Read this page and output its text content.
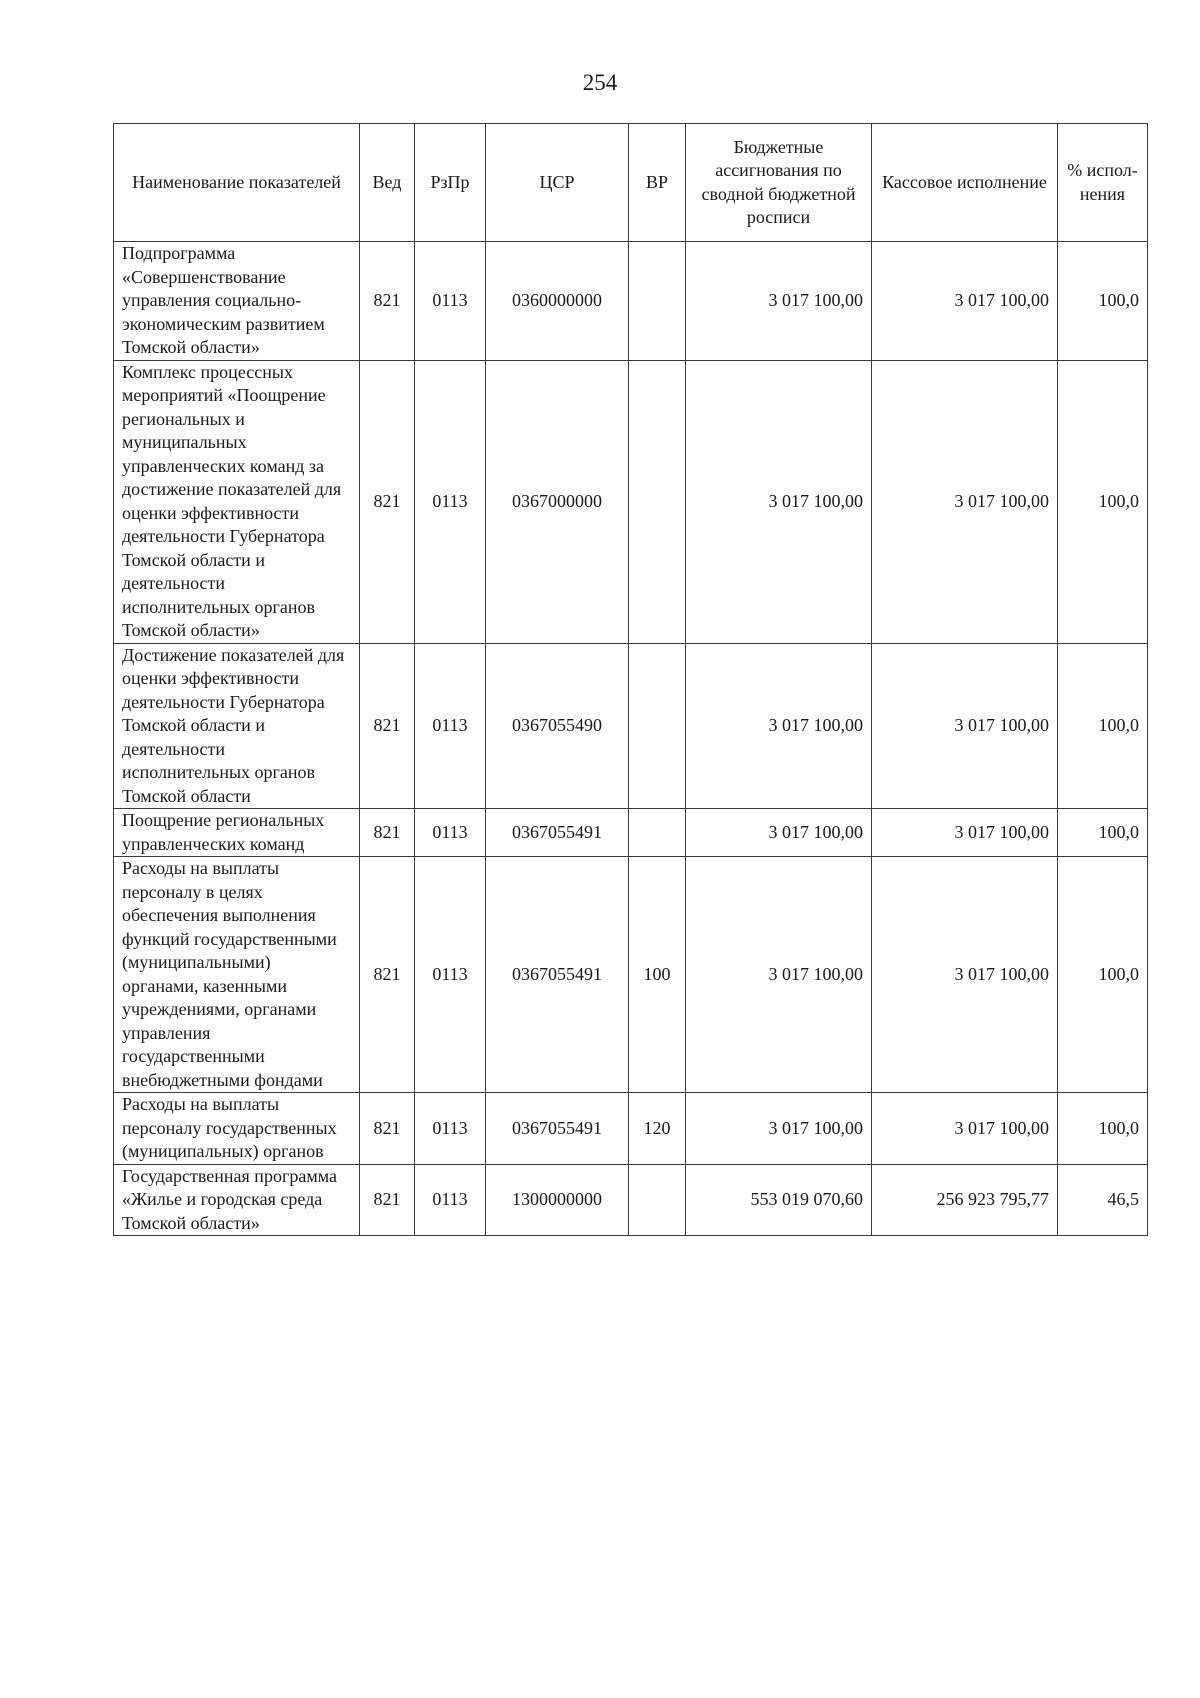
254
Наименование показателей	Вед	РзПр	ЦСР	ВР	Бюджетные ассигнования по сводной бюджетной росписи	Кассовое исполнение	% испол-нения
Подпрограмма «Совершенствование управления социально-экономическим развитием Томской области»	821	0113	0360000000		3 017 100,00	3 017 100,00	100,0
Комплекс процессных мероприятий «Поощрение региональных и муниципальных управленческих команд за достижение показателей для оценки эффективности деятельности Губернатора Томской области и деятельности исполнительных органов Томской области»	821	0113	0367000000		3 017 100,00	3 017 100,00	100,0
Достижение показателей для оценки эффективности деятельности Губернатора Томской области и деятельности исполнительных органов Томской области	821	0113	0367055490		3 017 100,00	3 017 100,00	100,0
Поощрение региональных управленческих команд	821	0113	0367055491		3 017 100,00	3 017 100,00	100,0
Расходы на выплаты персоналу в целях обеспечения выполнения функций государственными (муниципальными) органами, казенными учреждениями, органами управления государственными внебюджетными фондами	821	0113	0367055491	100	3 017 100,00	3 017 100,00	100,0
Расходы на выплаты персоналу государственных (муниципальных) органов	821	0113	0367055491	120	3 017 100,00	3 017 100,00	100,0
Государственная программа «Жилье и городская среда Томской области»	821	0113	1300000000		553 019 070,60	256 923 795,77	46,5
